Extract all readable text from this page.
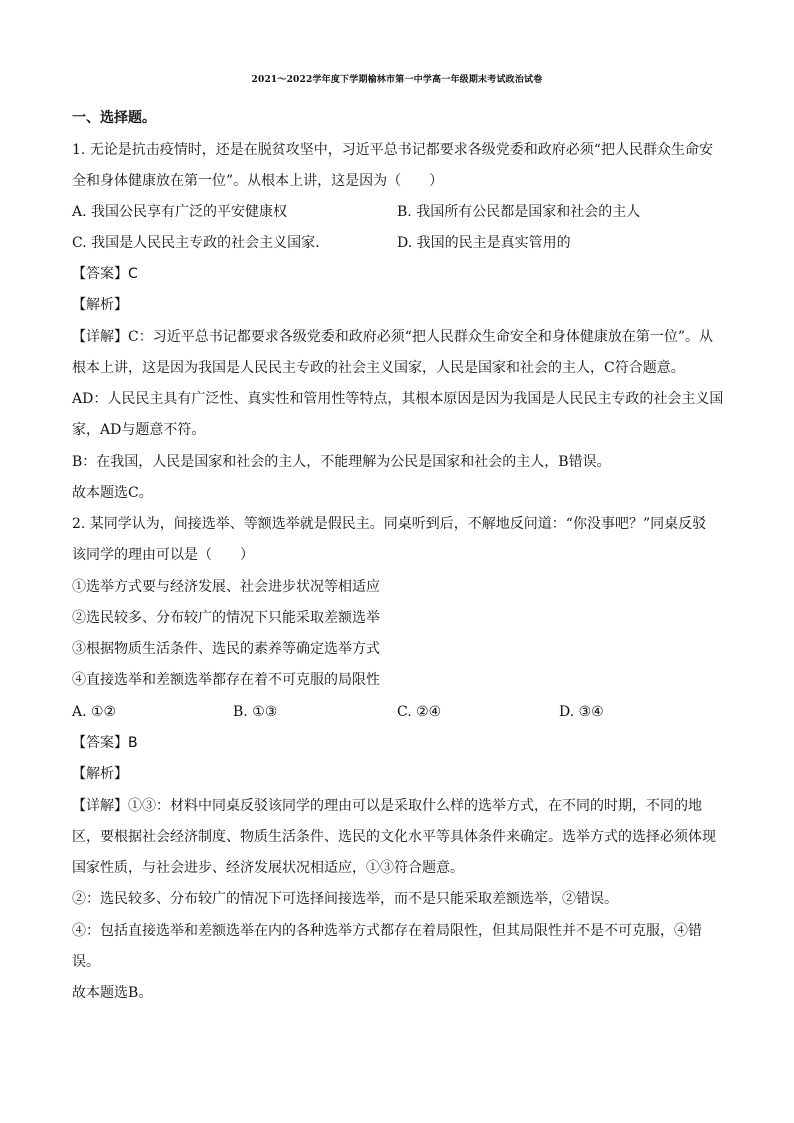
2021～2022学年度下学期榆林市第一中学高一年级期末考试政治试卷
一、选择题。
1. 无论是抗击疫情时，还是在脱贫攻坚中，习近平总书记都要求各级党委和政府必须“把人民群众生命安
全和身体健康放在第一位”。从根本上讲，这是因为（　　）
A. 我国公民享有广泛的平安健康权	B. 我国所有公民都是国家和社会的主人
C. 我国是人民民主专政的社会主义国家.	D. 我国的民主是真实管用的
【答案】C
【解析】
【详解】C：习近平总书记都要求各级党委和政府必须“把人民群众生命安全和身体健康放在第一位”。从
根本上讲，这是因为我国是人民民主专政的社会主义国家，人民是国家和社会的主人，C符合题意。
AD：人民民主具有广泛性、真实性和管用性等特点，其根本原因是因为我国是人民民主专政的社会主义国
家，AD与题意不符。
B：在我国，人民是国家和社会的主人，不能理解为公民是国家和社会的主人，B错误。
故本题选C。
2. 某同学认为，间接选举、等额选举就是假民主。同桌听到后，不解地反问道：“你没事吧？”同桌反驳
该同学的理由可以是（　　）
①选举方式要与经济发展、社会进步状况等相适应
②选民较多、分布较广的情况下只能采取差额选举
③根据物质生活条件、选民的素养等确定选举方式
④直接选举和差额选举都存在着不可克服的局限性
A. ①②	B. ①③	C. ②④	D. ③④
【答案】B
【解析】
【详解】①③：材料中同桌反驳该同学的理由可以是采取什么样的选举方式，在不同的时期，不同的地
区，要根据社会经济制度、物质生活条件、选民的文化水平等具体条件来确定。选举方式的选择必须体现
国家性质，与社会进步、经济发展状况相适应，①③符合题意。
②：选民较多、分布较广的情况下可选择间接选举，而不是只能采取差额选举，②错误。
④：包括直接选举和差额选举在内的各种选举方式都存在着局限性，但其局限性并不是不可克服，④错
误。
故本题选B。
